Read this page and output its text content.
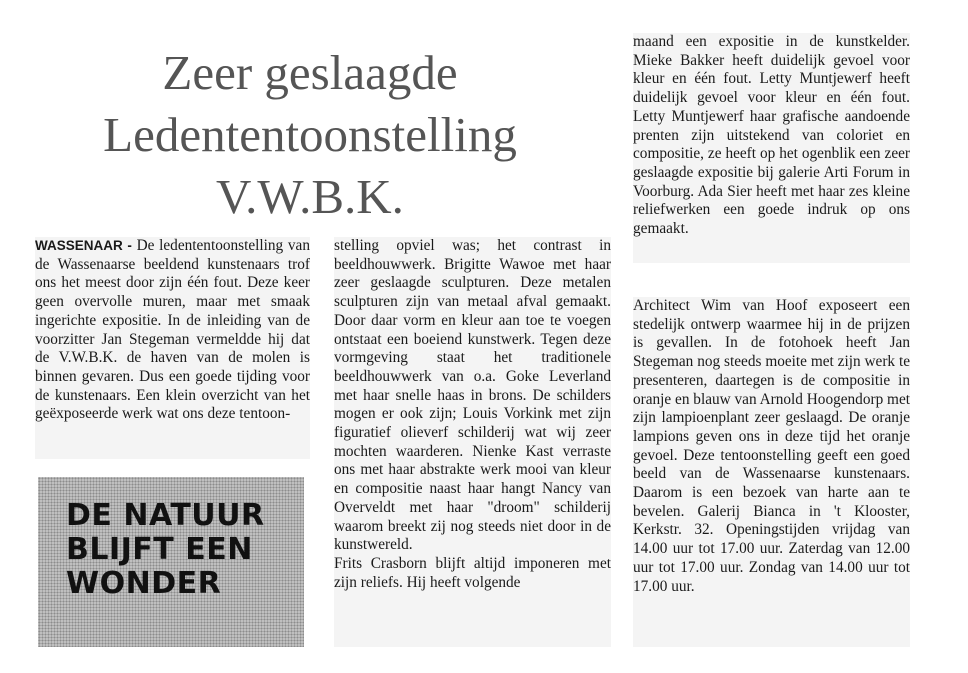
Zeer geslaagde
Ledententoonstelling
V.W.B.K.

WASSENAAR - De ledententoonstelling van de Wassenaarse beeldend kunstenaars trof ons het meest door zijn één fout. Deze keer geen overvolle muren, maar met smaak ingerichte expositie. In de inleiding van de voorzitter Jan Stegeman vermeldde hij dat de V.W.B.K. de haven van de molen is binnen gevaren. Dus een goede tijding voor de kunstenaars. Een klein overzicht van het geëxposeerde werk wat ons deze tentoon-

DE NATUUR
BLIJFT EEN
WONDER

stelling opviel was; het contrast in beeldhouwwerk. Brigitte Wawoe met haar zeer geslaagde sculpturen. Deze metalen sculpturen zijn van metaal afval gemaakt. Door daar vorm en kleur aan toe te voegen ontstaat een boeiend kunstwerk. Tegen deze vormgeving staat het traditionele beeldhouwwerk van o.a. Goke Leverland met haar snelle haas in brons. De schilders mogen er ook zijn; Louis Vorkink met zijn figuratief olieverf schilderij wat wij zeer mochten waarderen. Nienke Kast verraste ons met haar abstrakte werk mooi van kleur en compositie naast haar hangt Nancy van Overveldt met haar "droom" schilderij waarom breekt zij nog steeds niet door in de kunstwereld.

Frits Crasborn blijft altijd imponeren met zijn reliefs. Hij heeft volgende

maand een expositie in de kunstkelder. Mieke Bakker heeft duidelijk gevoel voor kleur en één fout. Letty Muntjewerf heeft duidelijk gevoel voor kleur en één fout. Letty Muntjewerf haar grafische aandoende prenten zijn uitstekend van coloriet en compositie, ze heeft op het ogenblik een zeer geslaagde expositie bij galerie Arti Forum in Voorburg. Ada Sier heeft met haar zes kleine reliefwerken een goede indruk op ons gemaakt.

Architect Wim van Hoof exposeert een stedelijk ontwerp waarmee hij in de prijzen is gevallen. In de fotohoek heeft Jan Stegeman nog steeds moeite met zijn werk te presenteren, daartegen is de compositie in oranje en blauw van Arnold Hoogendorp met zijn lampioenplant zeer geslaagd. De oranje lampions geven ons in deze tijd het oranje gevoel. Deze tentoonstelling geeft een goed beeld van de Wassenaarse kunstenaars. Daarom is een bezoek van harte aan te bevelen. Galerij Bianca in 't Klooster, Kerkstr. 32. Openingstijden vrijdag van 14.00 uur tot 17.00 uur. Zaterdag van 12.00 uur tot 17.00 uur. Zondag van 14.00 uur tot 17.00 uur.
